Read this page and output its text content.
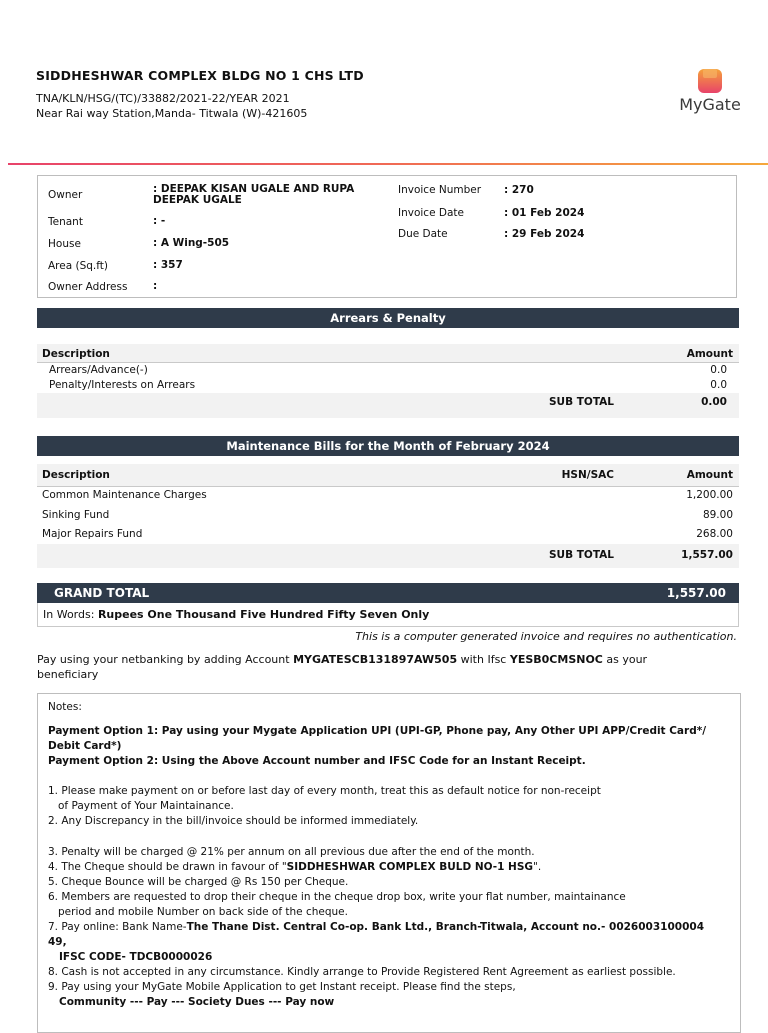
SIDDHESHWAR COMPLEX BLDG NO 1 CHS LTD
TNA/KLN/HSG/(TC)/33882/2021-22/YEAR 2021
Near Rai way Station,Manda- Titwala (W)-421605	MyGate
Owner	: DEEPAK KISAN UGALE AND RUPA DEEPAK UGALE
Invoice Number : 270
Invoice Date	: 01 Feb 2024
Tenant	: -
Due Date	: 29 Feb 2024
House	: A Wing-505
Area (Sq.ft)	: 357
Owner Address :
Arrears & Penalty
Description	Amount
Arrears/Advance(-)	0.0
Penalty/Interests on Arrears	0.0
SUB TOTAL	0.00
Maintenance Bills for the Month of February 2024
Description	HSN/SAC	Amount
Common Maintenance Charges	1,200.00
Sinking Fund	89.00
Major Repairs Fund	268.00
SUB TOTAL	1,557.00
GRAND TOTAL	1,557.00
In Words: Rupees One Thousand Five Hundred Fifty Seven Only
This is a computer generated invoice and requires no authentication.
Pay using your netbanking by adding Account MYGATESCB131897AW505 with Ifsc YESB0CMSNOC as your
beneficiary
Notes:
Payment Option 1: Pay using your Mygate Application UPI (UPI-GP, Phone pay, Any Other UPI APP/Credit Card*/
Debit Card*)
Payment Option 2: Using the Above Account number and IFSC Code for an Instant Receipt.
1. Please make payment on or before last day of every month, treat this as default notice for non-receipt
of Payment of Your Maintainance.
2. Any Discrepancy in the bill/invoice should be informed immediately.
3. Penalty will be charged @ 21% per annum on all previous due after the end of the month.
4. The Cheque should be drawn in favour of "SIDDHESHWAR COMPLEX BULD NO-1 HSG".
5. Cheque Bounce will be charged @ Rs 150 per Cheque.
6. Members are requested to drop their cheque in the cheque drop box, write your flat number, maintainance
period and mobile Number on back side of the cheque.
7. Pay online: Bank Name-The Thane Dist. Central Co-op. Bank Ltd., Branch-Titwala, Account no.- 0026003100004
49,
IFSC CODE- TDCB0000026
8. Cash is not accepted in any circumstance. Kindly arrange to Provide Registered Rent Agreement as earliest possible.
9. Pay using your MyGate Mobile Application to get Instant receipt. Please find the steps,
Community --- Pay --- Society Dues --- Pay now
